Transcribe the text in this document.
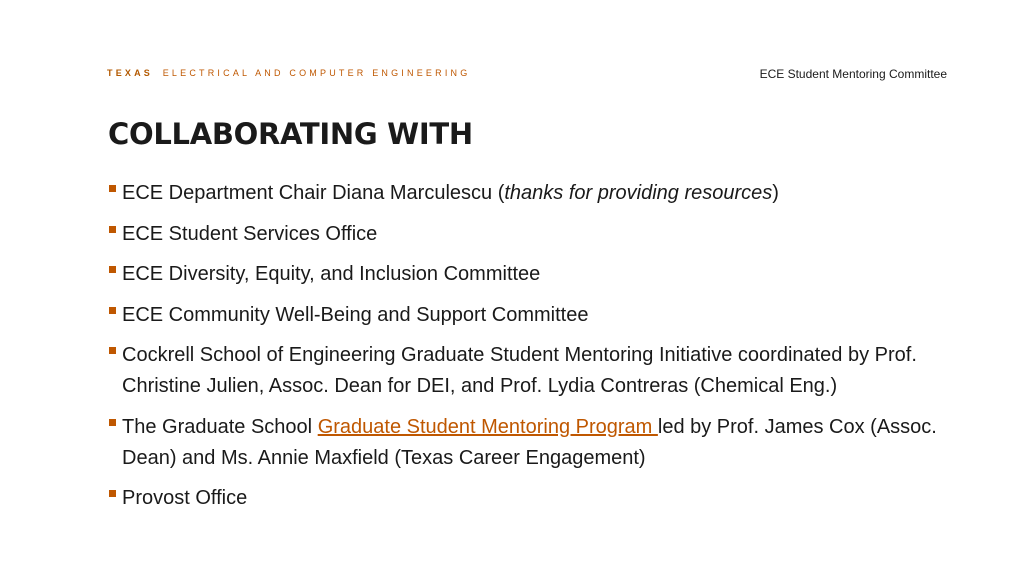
TEXAS ELECTRICAL AND COMPUTER ENGINEERING	ECE Student Mentoring Committee
COLLABORATING WITH
ECE Department Chair Diana Marculescu (thanks for providing resources)
ECE Student Services Office
ECE Diversity, Equity, and Inclusion Committee
ECE Community Well-Being and Support Committee
Cockrell School of Engineering Graduate Student Mentoring Initiative coordinated by Prof. Christine Julien, Assoc. Dean for DEI, and Prof. Lydia Contreras (Chemical Eng.)
The Graduate School Graduate Student Mentoring Program led by Prof. James Cox (Assoc. Dean) and Ms. Annie Maxfield (Texas Career Engagement)
Provost Office
